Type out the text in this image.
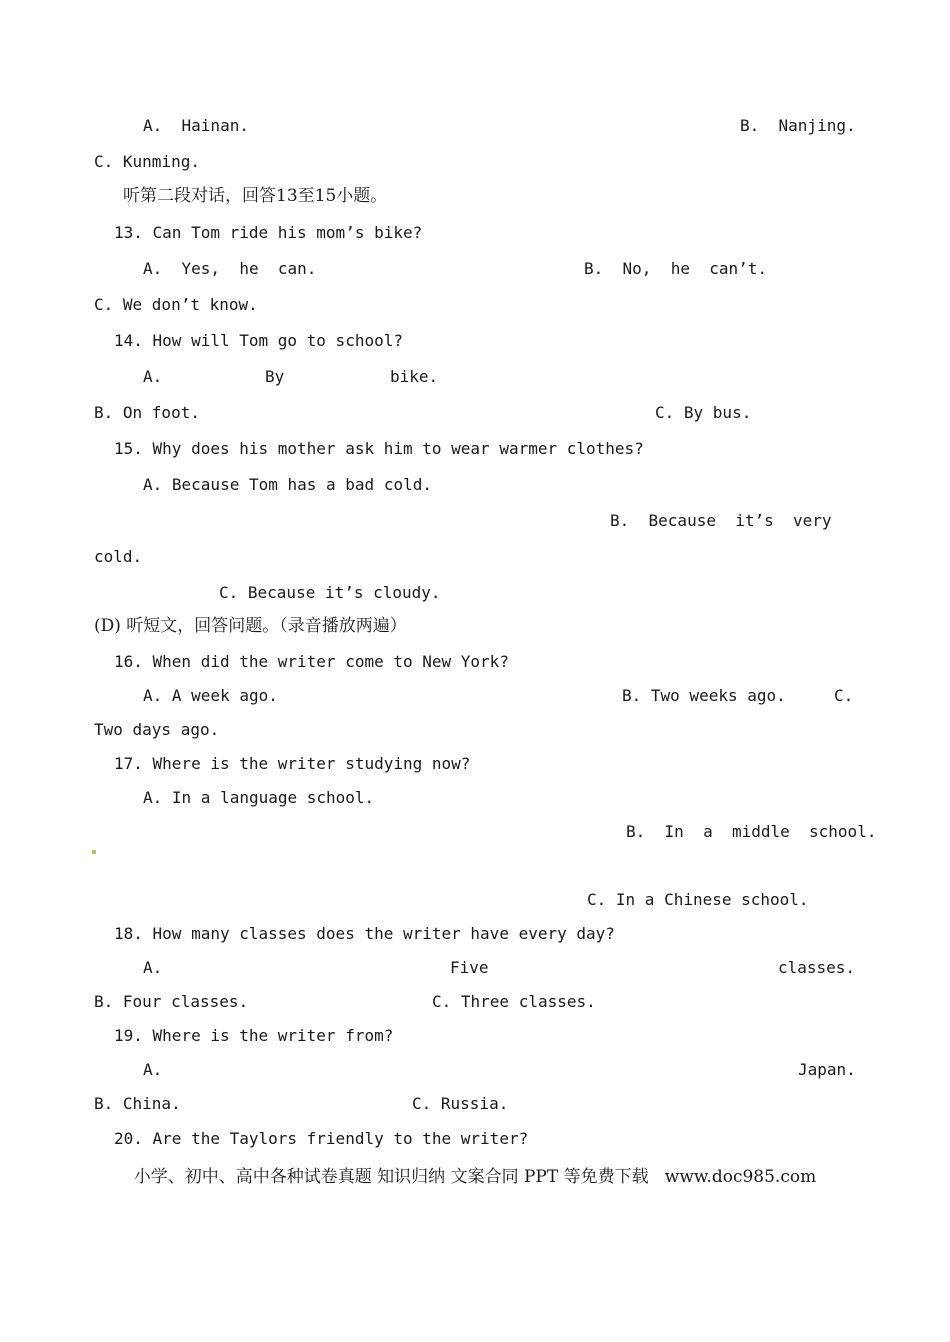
A.  Hainan.	B.  Nanjing.
C. Kunming.
听第二段对话，回答13至15小题。
13. Can Tom ride his mom’s bike?
A.  Yes,  he  can.	B.  No,  he  can’t.
C. We don’t know.
14. How will Tom go to school?
A.	By	bike.
B. On foot.	C. By bus.
15. Why does his mother ask him to wear warmer clothes?
A. Because Tom has a bad cold.
B.  Because  it’s  very
cold.
C. Because it’s cloudy.
(D) 听短文，回答问题。（录音播放两遍）
16. When did the writer come to New York?
A. A week ago.	B. Two weeks ago.	C.
Two days ago.
17. Where is the writer studying now?
A. In a language school.
B.  In  a  middle  school.
C. In a Chinese school.
18. How many classes does the writer have every day?
A.	Five	classes.
B. Four classes.	C. Three classes.
19. Where is the writer from?
A.	Japan.
B. China.	C. Russia.
20. Are the Taylors friendly to the writer?
小学、初中、高中各种试卷真题 知识归纳 文案合同 PPT 等免费下载   www.doc985.com
